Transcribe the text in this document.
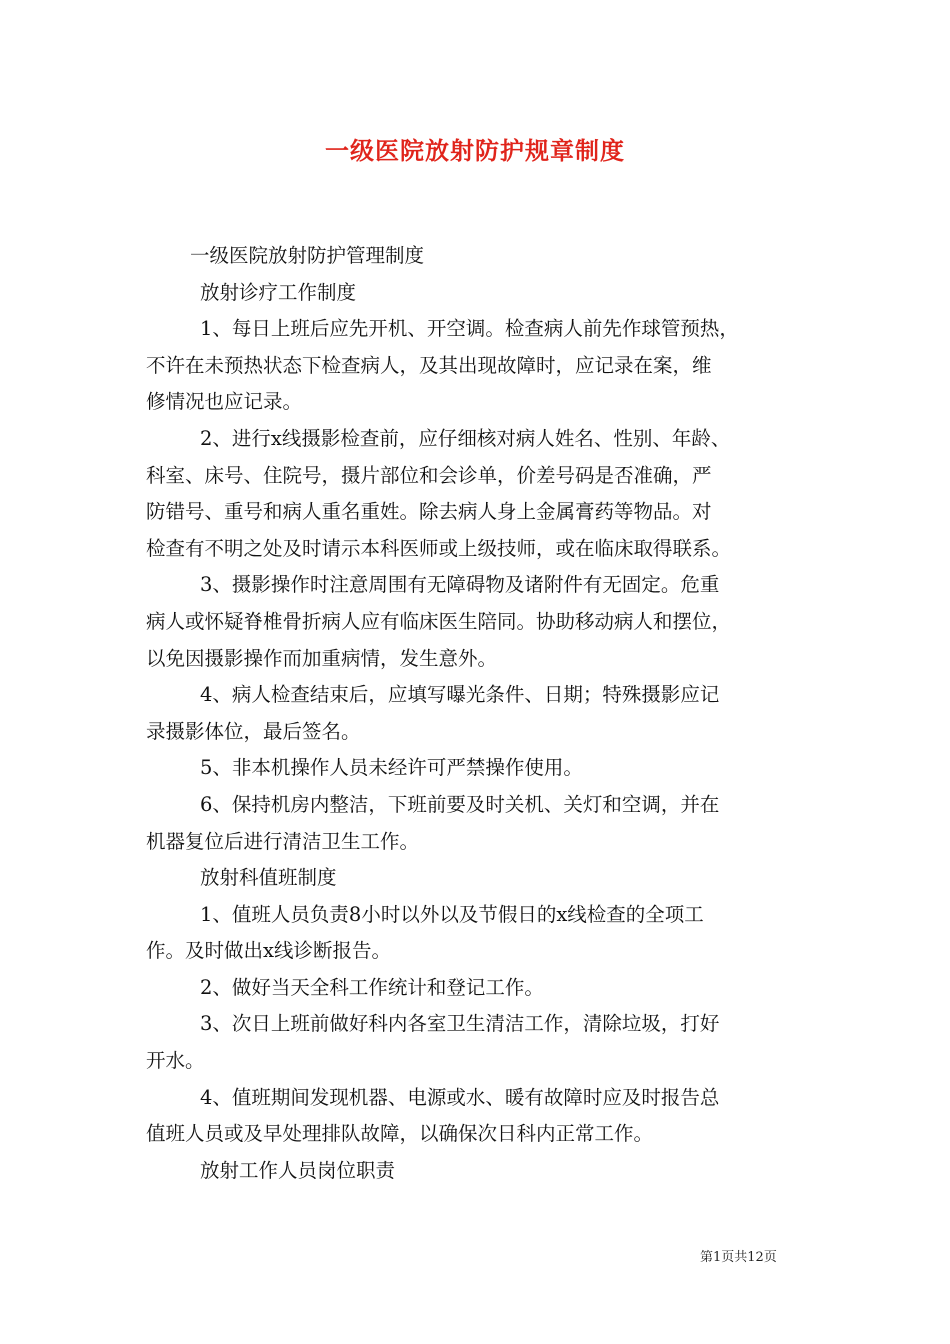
一级医院放射防护规章制度
一级医院放射防护管理制度
放射诊疗工作制度
1、每日上班后应先开机、开空调。检查病人前先作球管预热，
不许在未预热状态下检查病人，及其出现故障时，应记录在案，维
修情况也应记录。
2、进行x线摄影检查前，应仔细核对病人姓名、性别、年龄、
科室、床号、住院号，摄片部位和会诊单，价差号码是否准确，严
防错号、重号和病人重名重姓。除去病人身上金属膏药等物品。对
检查有不明之处及时请示本科医师或上级技师，或在临床取得联系。
3、摄影操作时注意周围有无障碍物及诸附件有无固定。危重
病人或怀疑脊椎骨折病人应有临床医生陪同。协助移动病人和摆位，
以免因摄影操作而加重病情，发生意外。
4、病人检查结束后，应填写曝光条件、日期；特殊摄影应记
录摄影体位，最后签名。
5、非本机操作人员未经许可严禁操作使用。
6、保持机房内整洁，下班前要及时关机、关灯和空调，并在
机器复位后进行清洁卫生工作。
放射科值班制度
1、值班人员负责8小时以外以及节假日的x线检查的全项工
作。及时做出x线诊断报告。
2、做好当天全科工作统计和登记工作。
3、次日上班前做好科内各室卫生清洁工作，清除垃圾，打好
开水。
4、值班期间发现机器、电源或水、暖有故障时应及时报告总
值班人员或及早处理排队故障，以确保次日科内正常工作。
放射工作人员岗位职责
第1页共12页
